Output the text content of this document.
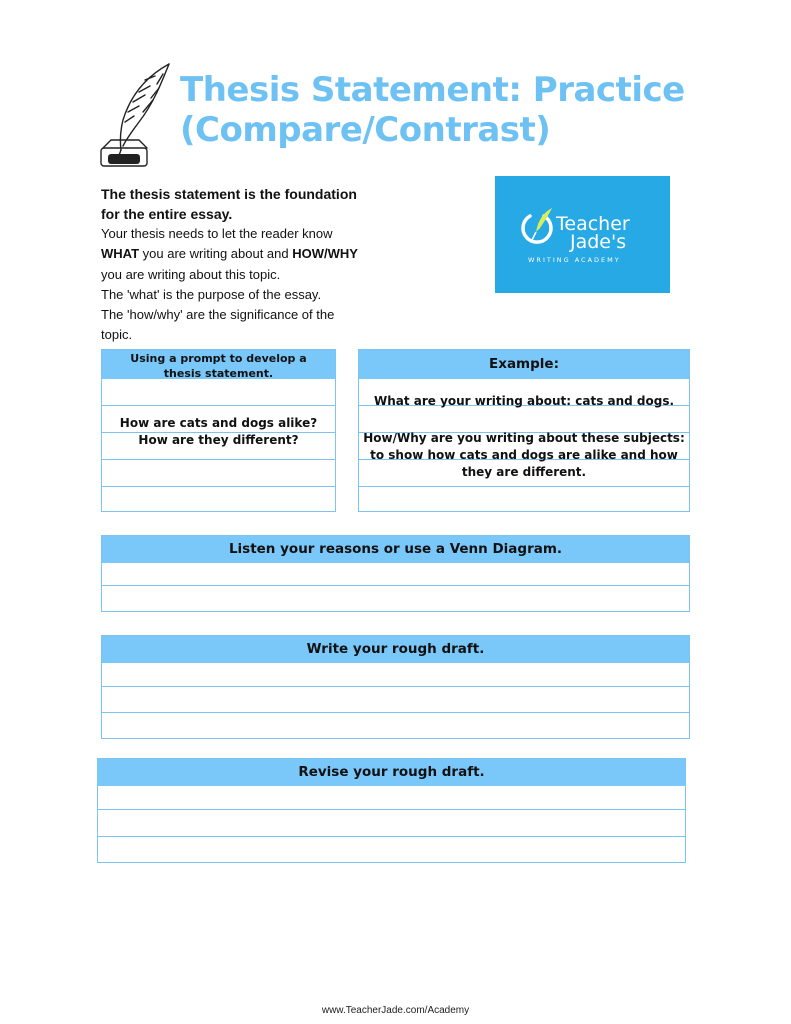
Thesis Statement: Practice
(Compare/Contrast)
The thesis statement is the foundation
for the entire essay.
Your thesis needs to let the reader know
WHAT you are writing about and HOW/WHY
you are writing about this topic.
The 'what' is the purpose of the essay.
The 'how/why' are the significance of the
topic.
Teacher
Jade's
WRITING ACADEMY
Using a prompt to develop a thesis statement.
How are cats and dogs alike?
How are they different?
Example:
What are your writing about: cats and dogs.
How/Why are you writing about these subjects:
to show how cats and dogs are alike and how
they are different.
Listen your reasons or use a Venn Diagram.
Write your rough draft.
Revise your rough draft.
www.TeacherJade.com/Academy
